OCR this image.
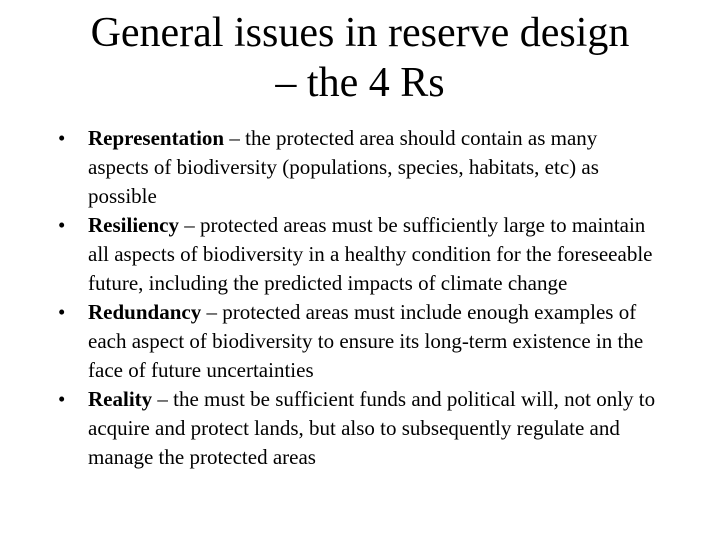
General issues in reserve design
– the 4 Rs
• Representation – the protected area should contain as many aspects of biodiversity (populations, species, habitats, etc) as possible
• Resiliency – protected areas must be sufficiently large to maintain all aspects of biodiversity in a healthy condition for the foreseeable future, including the predicted impacts of climate change
• Redundancy – protected areas must include enough examples of each aspect of biodiversity to ensure its long-term existence in the face of future uncertainties
• Reality – the must be sufficient funds and political will, not only to acquire and protect lands, but also to subsequently regulate and manage the protected areas
